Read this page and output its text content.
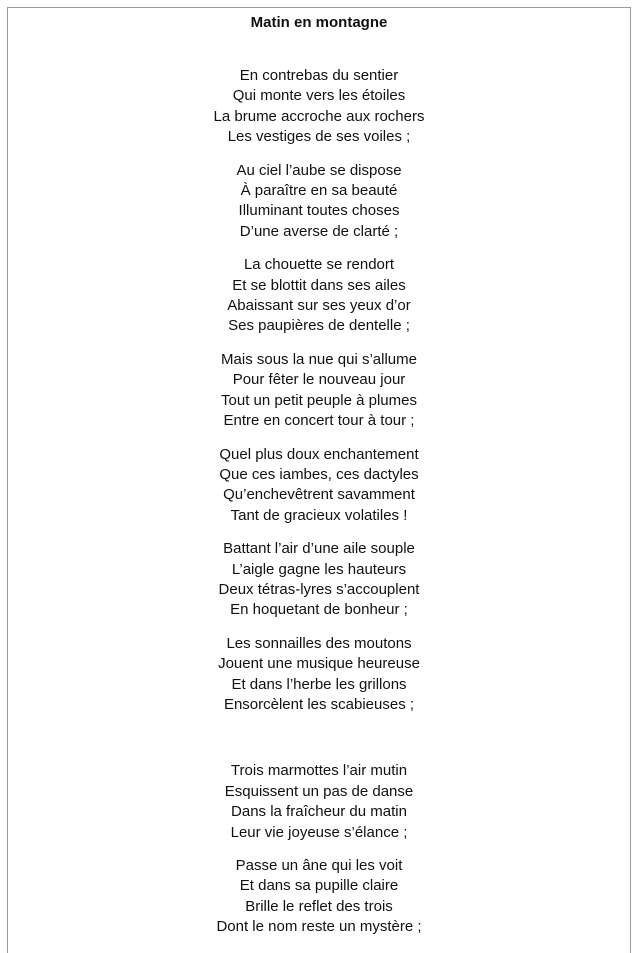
Matin en montagne
En contrebas du sentier
Qui monte vers les étoiles
La brume accroche aux rochers
Les vestiges de ses voiles ;
Au ciel l’aube se dispose
À paraître en sa beauté
Illuminant toutes choses
D’une averse de clarté ;
La chouette se rendort
Et se blottit dans ses ailes
Abaissant sur ses yeux d’or
Ses paupières de dentelle ;
Mais sous la nue qui s’allume
Pour fêter le nouveau jour
Tout un petit peuple à plumes
Entre en concert tour à tour ;
Quel plus doux enchantement
Que ces iambes, ces dactyles
Qu’enchevêtrent savamment
Tant de gracieux volatiles !
Battant l’air d’une aile souple
L’aigle gagne les hauteurs
Deux tétras-lyres s’accouplent
En hoquetant de bonheur ;
Les sonnailles des moutons
Jouent une musique heureuse
Et dans l’herbe les grillons
Ensorcèlent les scabieuses ;
Trois marmottes l’air mutin
Esquissent un pas de danse
Dans la fraîcheur du matin
Leur vie joyeuse s’élance ;
Passe un âne qui les voit
Et dans sa pupille claire
Brille le reflet des trois
Dont le nom reste un mystère ;
